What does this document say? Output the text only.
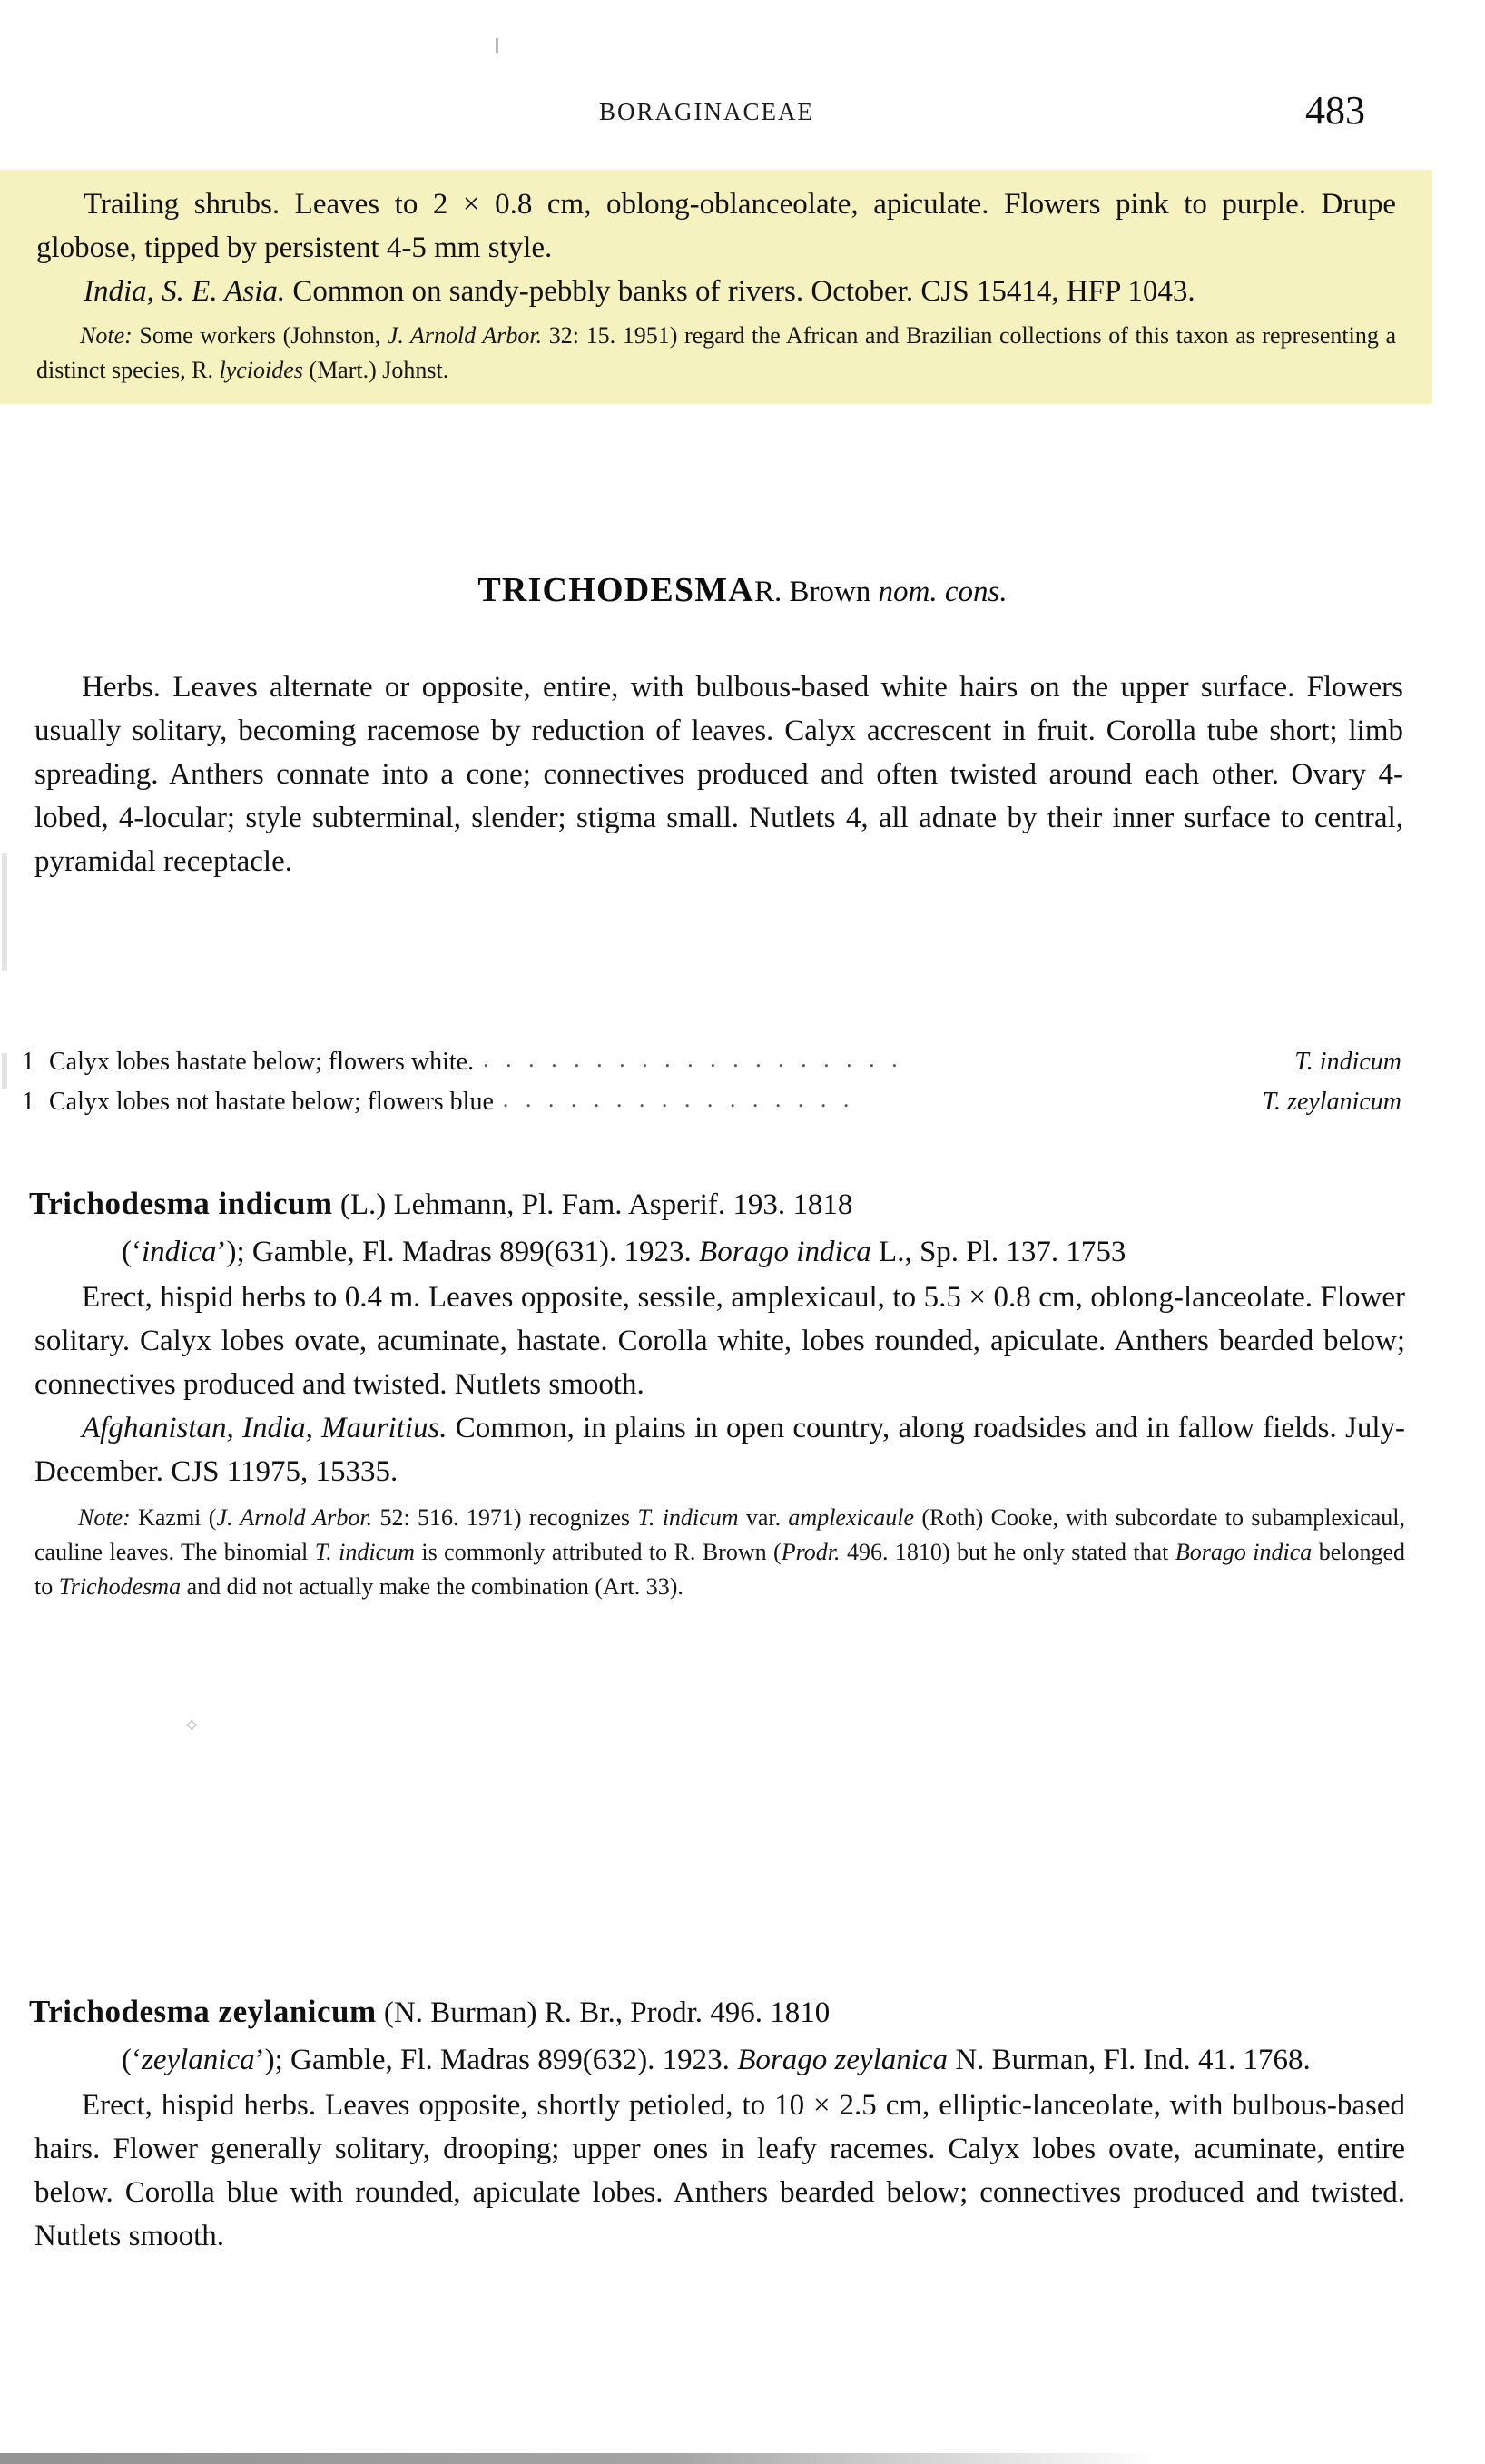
BORAGINACEAE	483

Trailing shrubs. Leaves to 2 × 0.8 cm, oblong-oblanceolate, apiculate. Flowers pink to purple. Drupe globose, tipped by persistent 4-5 mm style.

India, S. E. Asia. Common on sandy-pebbly banks of rivers. October. CJS 15414, HFP 1043.

Note: Some workers (Johnston, J. Arnold Arbor. 32: 15. 1951) regard the African and Brazilian collections of this taxon as representing a distinct species, R. lycioides (Mart.) Johnst.

TRICHODESMAR. Brown nom. cons.

Herbs. Leaves alternate or opposite, entire, with bulbous-based white hairs on the upper surface. Flowers usually solitary, becoming racemose by reduction of leaves. Calyx accrescent in fruit. Corolla tube short; limb spreading. Anthers connate into a cone; connectives produced and often twisted around each other. Ovary 4-lobed, 4-locular; style subterminal, slender; stigma small. Nutlets 4, all adnate by their inner surface to central, pyramidal receptacle.

1 Calyx lobes hastate below; flowers white. . . . . . . . . . . . . . . . . . . .	T. indicum
1 Calyx lobes not hastate below; flowers blue . . . . . . . . . . . . . . . .	T. zeylanicum

Trichodesma indicum (L.) Lehmann, Pl. Fam. Asperif. 193. 1818
(‘indica’); Gamble, Fl. Madras 899(631). 1923. Borago indica L., Sp. Pl. 137. 1753

Erect, hispid herbs to 0.4 m. Leaves opposite, sessile, amplexicaul, to 5.5 × 0.8 cm, oblong-lanceolate. Flower solitary. Calyx lobes ovate, acuminate, hastate. Corolla white, lobes rounded, apiculate. Anthers bearded below; connectives produced and twisted. Nutlets smooth.

Afghanistan, India, Mauritius. Common, in plains in open country, along roadsides and in fallow fields. July-December. CJS 11975, 15335.

Note: Kazmi (J. Arnold Arbor. 52: 516. 1971) recognizes T. indicum var. amplexicaule (Roth) Cooke, with subcordate to subamplexicaul, cauline leaves. The binomial T. indicum is commonly attributed to R. Brown (Prodr. 496. 1810) but he only stated that Borago indica belonged to Trichodesma and did not actually make the combination (Art. 33).

✧

Trichodesma zeylanicum (N. Burman) R. Br., Prodr. 496. 1810
(‘zeylanica’); Gamble, Fl. Madras 899(632). 1923. Borago zeylanica N. Burman, Fl. Ind. 41. 1768.

Erect, hispid herbs. Leaves opposite, shortly petioled, to 10 × 2.5 cm, elliptic-lanceolate, with bulbous-based hairs. Flower generally solitary, drooping; upper ones in leafy racemes. Calyx lobes ovate, acuminate, entire below. Corolla blue with rounded, apiculate lobes. Anthers bearded below; connectives produced and twisted. Nutlets smooth.
